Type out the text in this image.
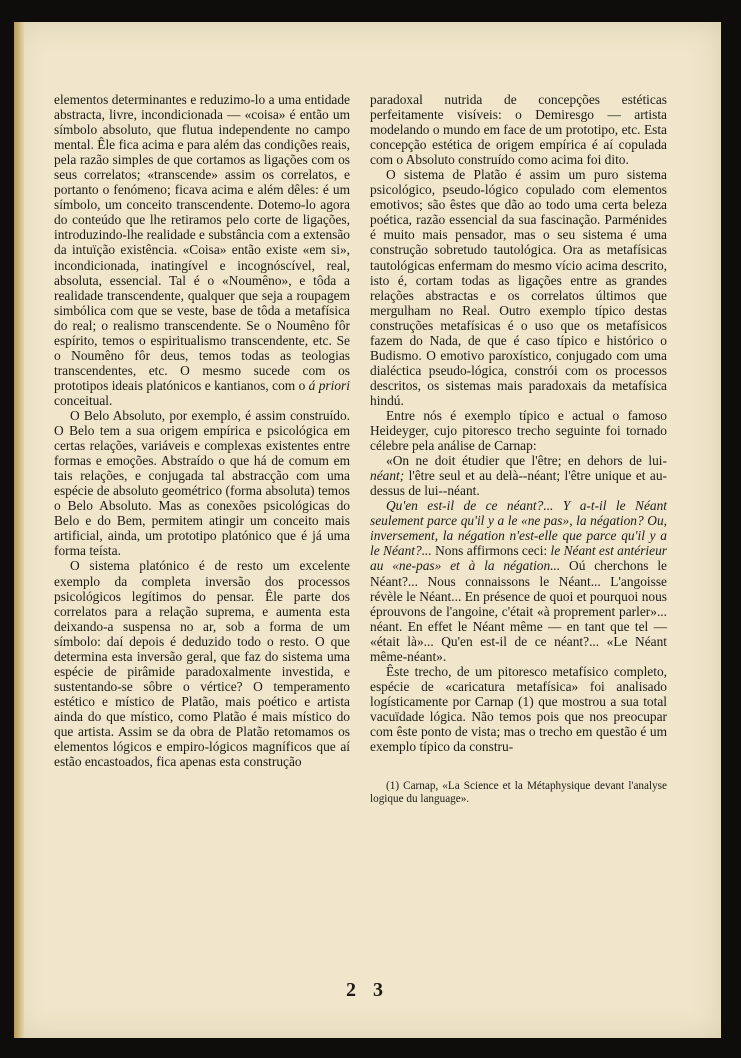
elementos determinantes e reduzimo-lo a uma entidade abstracta, livre, incondicionada — «coisa» é então um símbolo absoluto, que flutua independente no campo mental. Êle fica acima e para além das condições reais, pela razão simples de que cortamos as ligações com os seus correlatos; «transcende» assim os correlatos, e portanto o fenómeno; ficava acima e além dêles: é um símbolo, um conceito transcendente. Dotemo-lo agora do conteúdo que lhe retiramos pelo corte de ligações, introduzindo-lhe realidade e substância com a extensão da intuïção existência. «Coisa» então existe «em si», incondicionada, inatingível e incognóscível, real, absoluta, essencial. Tal é o «Noumêno», e tôda a realidade transcendente, qualquer que seja a roupagem simbólica com que se veste, base de tôda a metafísica do real; o realismo transcendente. Se o Noumêno fôr espírito, temos o espiritualismo transcendente, etc. Se o Noumêno fôr deus, temos todas as teologias transcendentes, etc. O mesmo sucede com os prototipos ideais platónicos e kantianos, com o á priori conceitual.

O Belo Absoluto, por exemplo, é assim construído. O Belo tem a sua origem empírica e psicológica em certas relações, variáveis e complexas existentes entre formas e emoções. Abstraído o que há de comum em tais relações, e conjugada tal abstracção com uma espécie de absoluto geométrico (forma absoluta) temos o Belo Absoluto. Mas as conexões psicológicas do Belo e do Bem, permitem atingir um conceito mais artificial, ainda, um prototipo platónico que é já uma forma teísta.

O sistema platónico é de resto um excelente exemplo da completa inversão dos processos psicológicos legítimos do pensar. Êle parte dos correlatos para a relação suprema, e aumenta esta deixando-a suspensa no ar, sob a forma de um símbolo: daí depois é deduzido todo o resto. O que determina esta inversão geral, que faz do sistema uma espécie de pirâmide paradoxalmente investida, e sustentando-se sôbre o vértice? O temperamento estético e místico de Platão, mais poético e artista ainda do que místico, como Platão é mais místico do que artista. Assim se da obra de Platão retomamos os elementos lógicos e empiro-lógicos magníficos que aí estão encastoados, fica apenas esta construção

paradoxal nutrida de concepções estéticas perfeitamente visíveis: o Demiresgo — artista modelando o mundo em face de um prototipo, etc. Esta concepção estética de origem empírica é aí copulada com o Absoluto construído como acima foi dito.

O sistema de Platão é assim um puro sistema psicológico, pseudo-lógico copulado com elementos emotivos; são êstes que dão ao todo uma certa beleza poética, razão essencial da sua fascinação. Parménides é muito mais pensador, mas o seu sistema é uma construção sobretudo tautológica. Ora as metafísicas tautológicas enfermam do mesmo vício acima descrito, isto é, cortam todas as ligações entre as grandes relações abstractas e os correlatos últimos que mergulham no Real. Outro exemplo típico destas construções metafísicas é o uso que os metafísicos fazem do Nada, de que é caso típico e histórico o Budismo. O emotivo paroxístico, conjugado com uma dialéctica pseudo-lógica, constrói com os processos descritos, os sistemas mais paradoxais da metafísica hindú.

Entre nós é exemplo típico e actual o famoso Heideyger, cujo pitoresco trecho seguinte foi tornado célebre pela análise de Carnap:

«On ne doit étudier que l'être; en dehors de lui-néant; l'être seul et au delà--néant; l'être unique et au-dessus de lui--néant.

Qu'en est-il de ce néant?... Y a-t-il le Néant seulement parce qu'il y a le «ne pas», la négation? Ou, inversement, la négation n'est-elle que parce qu'il y a le Néant?... Nons affirmons ceci: le Néant est antérieur au «ne-pas» et à la négation... Oú cherchons le Néant?... Nous connaissons le Néant... L'angoisse révèle le Néant... En présence de quoi et pourquoi nous éprouvons de l'angoine, c'était «à proprement parler»... néant. En effet le Néant même — en tant que tel — «était là»... Qu'en est-il de ce néant?... «Le Néant même-néant».

Êste trecho, de um pitoresco metafísico completo, espécie de «caricatura metafísica» foi analisado logísticamente por Carnap (1) que mostrou a sua total vacuïdade lógica. Não temos pois que nos preocupar com êste ponto de vista; mas o trecho em questão é um exemplo típico da constru-

(1) Carnap, «La Science et la Métaphysique devant l'analyse logique du language».

2 3
